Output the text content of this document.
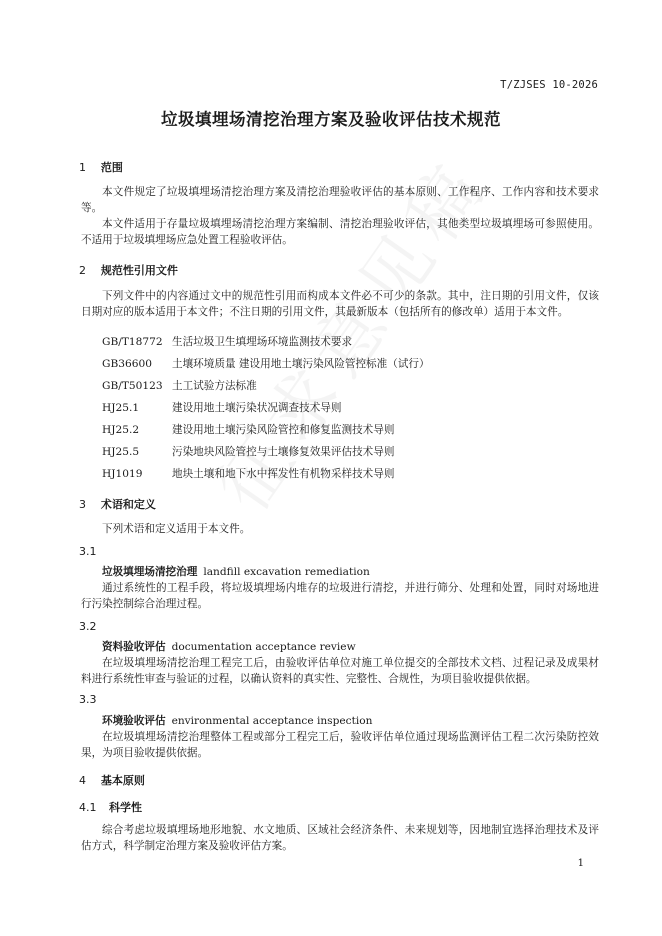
T/ZJSES 10-2026
垃圾填埋场清挖治理方案及验收评估技术规范
1 范围
本文件规定了垃圾填埋场清挖治理方案及清挖治理验收评估的基本原则、工作程序、工作内容和技术要求等。
本文件适用于存量垃圾填埋场清挖治理方案编制、清挖治理验收评估，其他类型垃圾填埋场可参照使用。不适用于垃圾填埋场应急处置工程验收评估。
2 规范性引用文件
下列文件中的内容通过文中的规范性引用而构成本文件必不可少的条款。其中，注日期的引用文件，仅该日期对应的版本适用于本文件；不注日期的引用文件，其最新版本（包括所有的修改单）适用于本文件。
GB/T18772 生活垃圾卫生填埋场环境监测技术要求
GB36600 土壤环境质量 建设用地土壤污染风险管控标准（试行）
GB/T50123 土工试验方法标准
HJ25.1	建设用地土壤污染状况调查技术导则
HJ25.2	建设用地土壤污染风险管控和修复监测技术导则
HJ25.5	污染地块风险管控与土壤修复效果评估技术导则
HJ1019	地块土壤和地下水中挥发性有机物采样技术导则
3 术语和定义
下列术语和定义适用于本文件。
3.1
垃圾填埋场清挖治理 landfill excavation remediation
通过系统性的工程手段，将垃圾填埋场内堆存的垃圾进行清挖，并进行筛分、处理和处置，同时对场地进行污染控制综合治理过程。
3.2
资料验收评估 documentation acceptance review
在垃圾填埋场清挖治理工程完工后，由验收评估单位对施工单位提交的全部技术文档、过程记录及成果材料进行系统性审查与验证的过程，以确认资料的真实性、完整性、合规性，为项目验收提供依据。
3.3
环境验收评估 environmental acceptance inspection
在垃圾填埋场清挖治理整体工程或部分工程完工后，验收评估单位通过现场监测评估工程二次污染防控效果，为项目验收提供依据。
4 基本原则
4.1 科学性
综合考虑垃圾填埋场地形地貌、水文地质、区域社会经济条件、未来规划等，因地制宜选择治理技术及评估方式，科学制定治理方案及验收评估方案。
1
